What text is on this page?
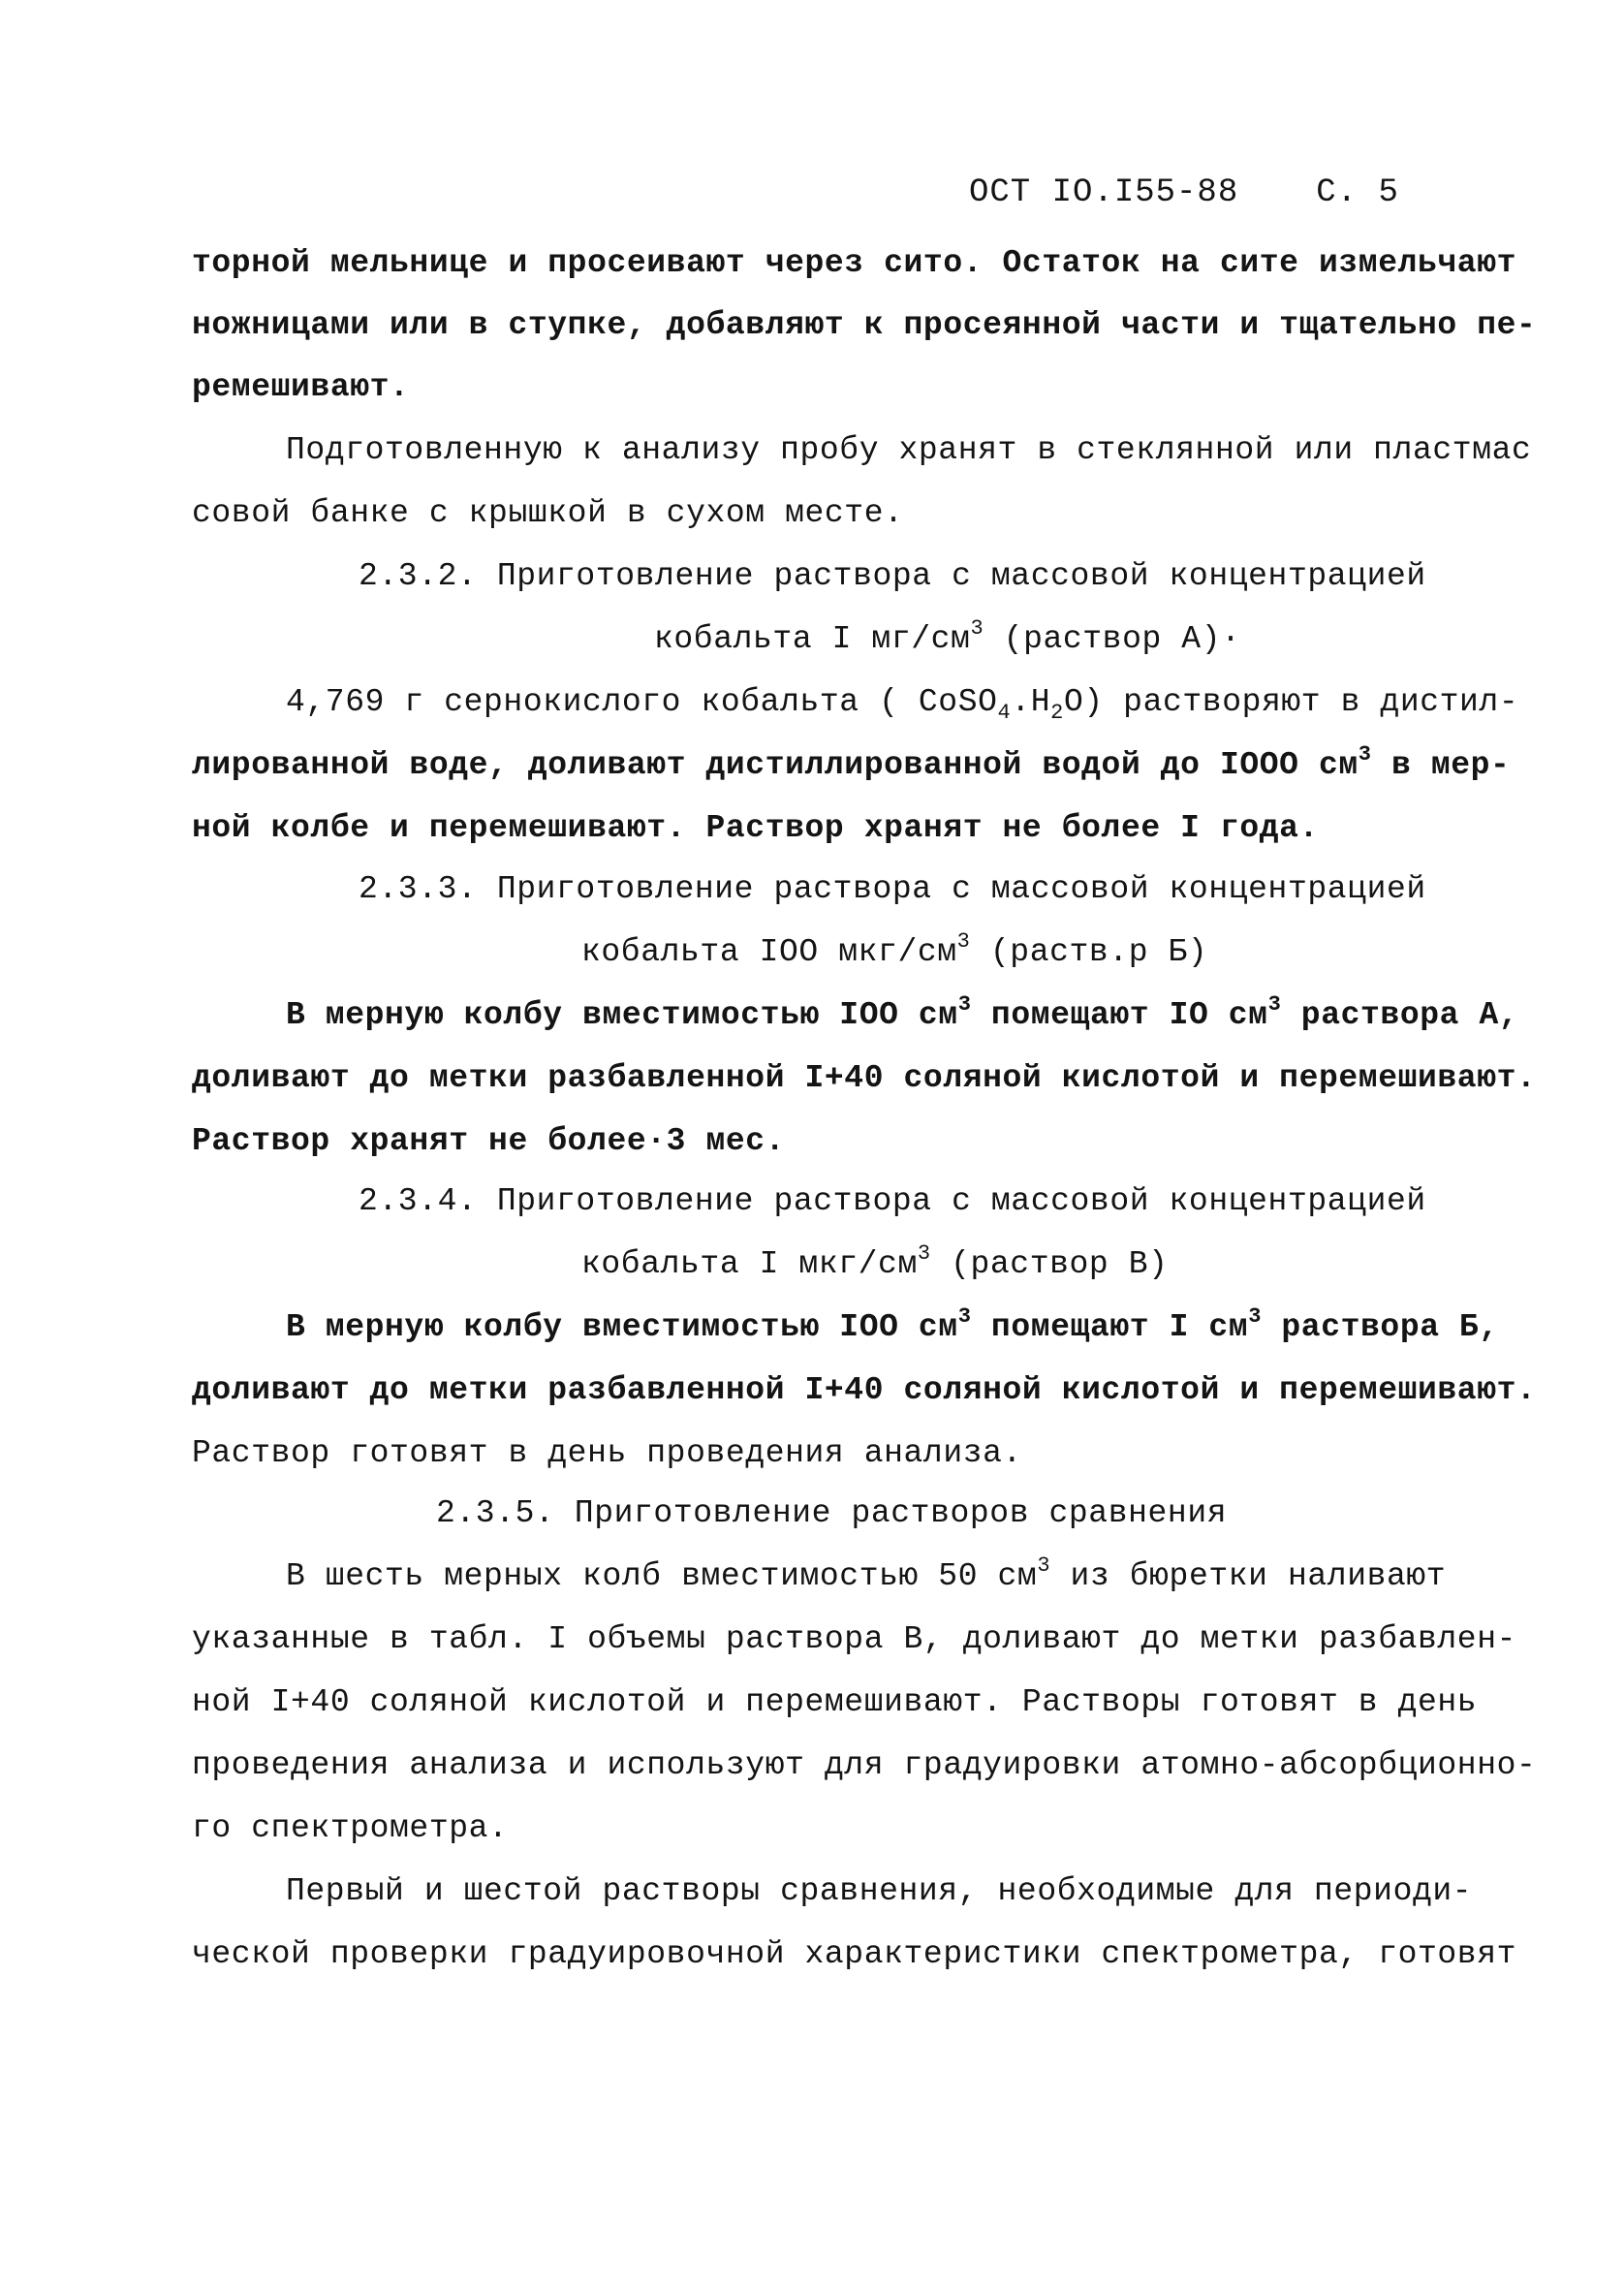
ОСТ IO.I55-88 С. 5
торной мельнице и просеивают через сито. Остаток на сите измельчают
ножницами или в ступке, добавляют к просеянной части и тщательно пе-
ремешивают.
Подготовленную к анализу пробу хранят в стеклянной или пластмас
совой банке с крышкой в сухом месте.
2.3.2. Приготовление раствора с массовой концентрацией
кобальта I $мг/см^3$ (раствор А)·
4,769 г сернокислого кобальта ( $CoSO_4.H_2O$) растворяют в дистил-
лированной воде, доливают дистиллированной водой до IOOO $см^3$ в мер-
ной колбе и перемешивают. Раствор хранят не более I года.
2.3.3. Приготовление раствора с массовой концентрацией
кобальта IOO мкг/$см^3$ (раств.р Б)
В мерную колбу вместимостью IOO $см^3$ помещают IO $см^3$ раствора А,
доливают до метки разбавленной I+40 соляной кислотой и перемешивают.
Раствор хранят не более·3 мес.
2.3.4. Приготовление раствора с массовой концентрацией
кобальта I мкг/$см^3$ (раствор В)
В мерную колбу вместимостью IOO $см^3$ помещают I $см^3$ раствора Б,
доливают до метки разбавленной I+40 соляной кислотой и перемешивают.
Раствор готовят в день проведения анализа.
2.3.5. Приготовление растворов сравнения
В шесть мерных колб вместимостью 50 $см^3$ из бюретки наливают
указанные в табл. I объемы раствора В, доливают до метки разбавлен-
ной I+40 соляной кислотой и перемешивают. Растворы готовят в день
проведения анализа и используют для градуировки атомно-абсорбционно-
го спектрометра.
Первый и шестой растворы сравнения, необходимые для периоди-
ческой проверки градуировочной характеристики спектрометра, готовят
